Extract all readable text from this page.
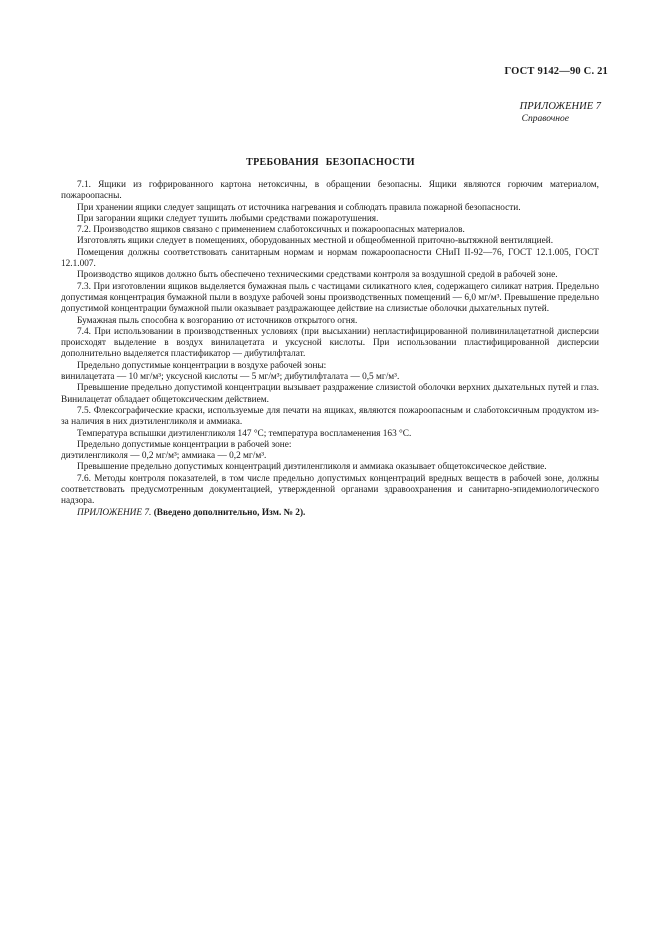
ГОСТ 9142—90 С. 21
ПРИЛОЖЕНИЕ 7
Справочное
ТРЕБОВАНИЯ БЕЗОПАСНОСТИ

7.1. Ящики из гофрированного картона нетоксичны, в обращении безопасны. Ящики являются горючим материалом, пожароопасны.

При хранении ящики следует защищать от источника нагревания и соблюдать правила пожарной безопасности.

При загорании ящики следует тушить любыми средствами пожаротушения.

7.2. Производство ящиков связано с применением слаботоксичных и пожароопасных материалов.

Изготовлять ящики следует в помещениях, оборудованных местной и общеобменной приточно-вытяжной вентиляцией.

Помещения должны соответствовать санитарным нормам и нормам пожароопасности СНиП II-92—76, ГОСТ 12.1.005, ГОСТ 12.1.007.

Производство ящиков должно быть обеспечено техническими средствами контроля за воздушной средой в рабочей зоне.

7.3. При изготовлении ящиков выделяется бумажная пыль с частицами силикатного клея, содержащего силикат натрия. Предельно допустимая концентрация бумажной пыли в воздухе рабочей зоны производственных помещений — 6,0 мг/м³. Превышение предельно допустимой концентрации бумажной пыли оказывает раздражающее действие на слизистые оболочки дыхательных путей.

Бумажная пыль способна к возгоранию от источников открытого огня.

7.4. При использовании в производственных условиях (при высыхании) непластифицированной поливинилацетатной дисперсии происходят выделение в воздух винилацетата и уксусной кислоты. При использовании пластифицированной дисперсии дополнительно выделяется пластификатор — дибутилфталат.

Предельно допустимые концентрации в воздухе рабочей зоны:

винилацетата — 10 мг/м³; уксусной кислоты — 5 мг/м³; дибутилфталата — 0,5 мг/м³.

Превышение предельно допустимой концентрации вызывает раздражение слизистой оболочки верхних дыхательных путей и глаз. Винилацетат обладает общетоксическим действием.

7.5. Флексографические краски, используемые для печати на ящиках, являются пожароопасным и слаботоксичным продуктом из-за наличия в них диэтиленгликоля и аммиака.

Температура вспышки диэтиленгликоля 147 °С; температура воспламенения 163 °С.

Предельно допустимые концентрации в рабочей зоне:

диэтиленгликоля — 0,2 мг/м³; аммиака — 0,2 мг/м³.

Превышение предельно допустимых концентраций диэтиленгликоля и аммиака оказывает общетоксическое действие.

7.6. Методы контроля показателей, в том числе предельно допустимых концентраций вредных веществ в рабочей зоне, должны соответствовать предусмотренным документацией, утвержденной органами здравоохранения и санитарно-эпидемиологического надзора.

ПРИЛОЖЕНИЕ 7. (Введено дополнительно, Изм. № 2).
